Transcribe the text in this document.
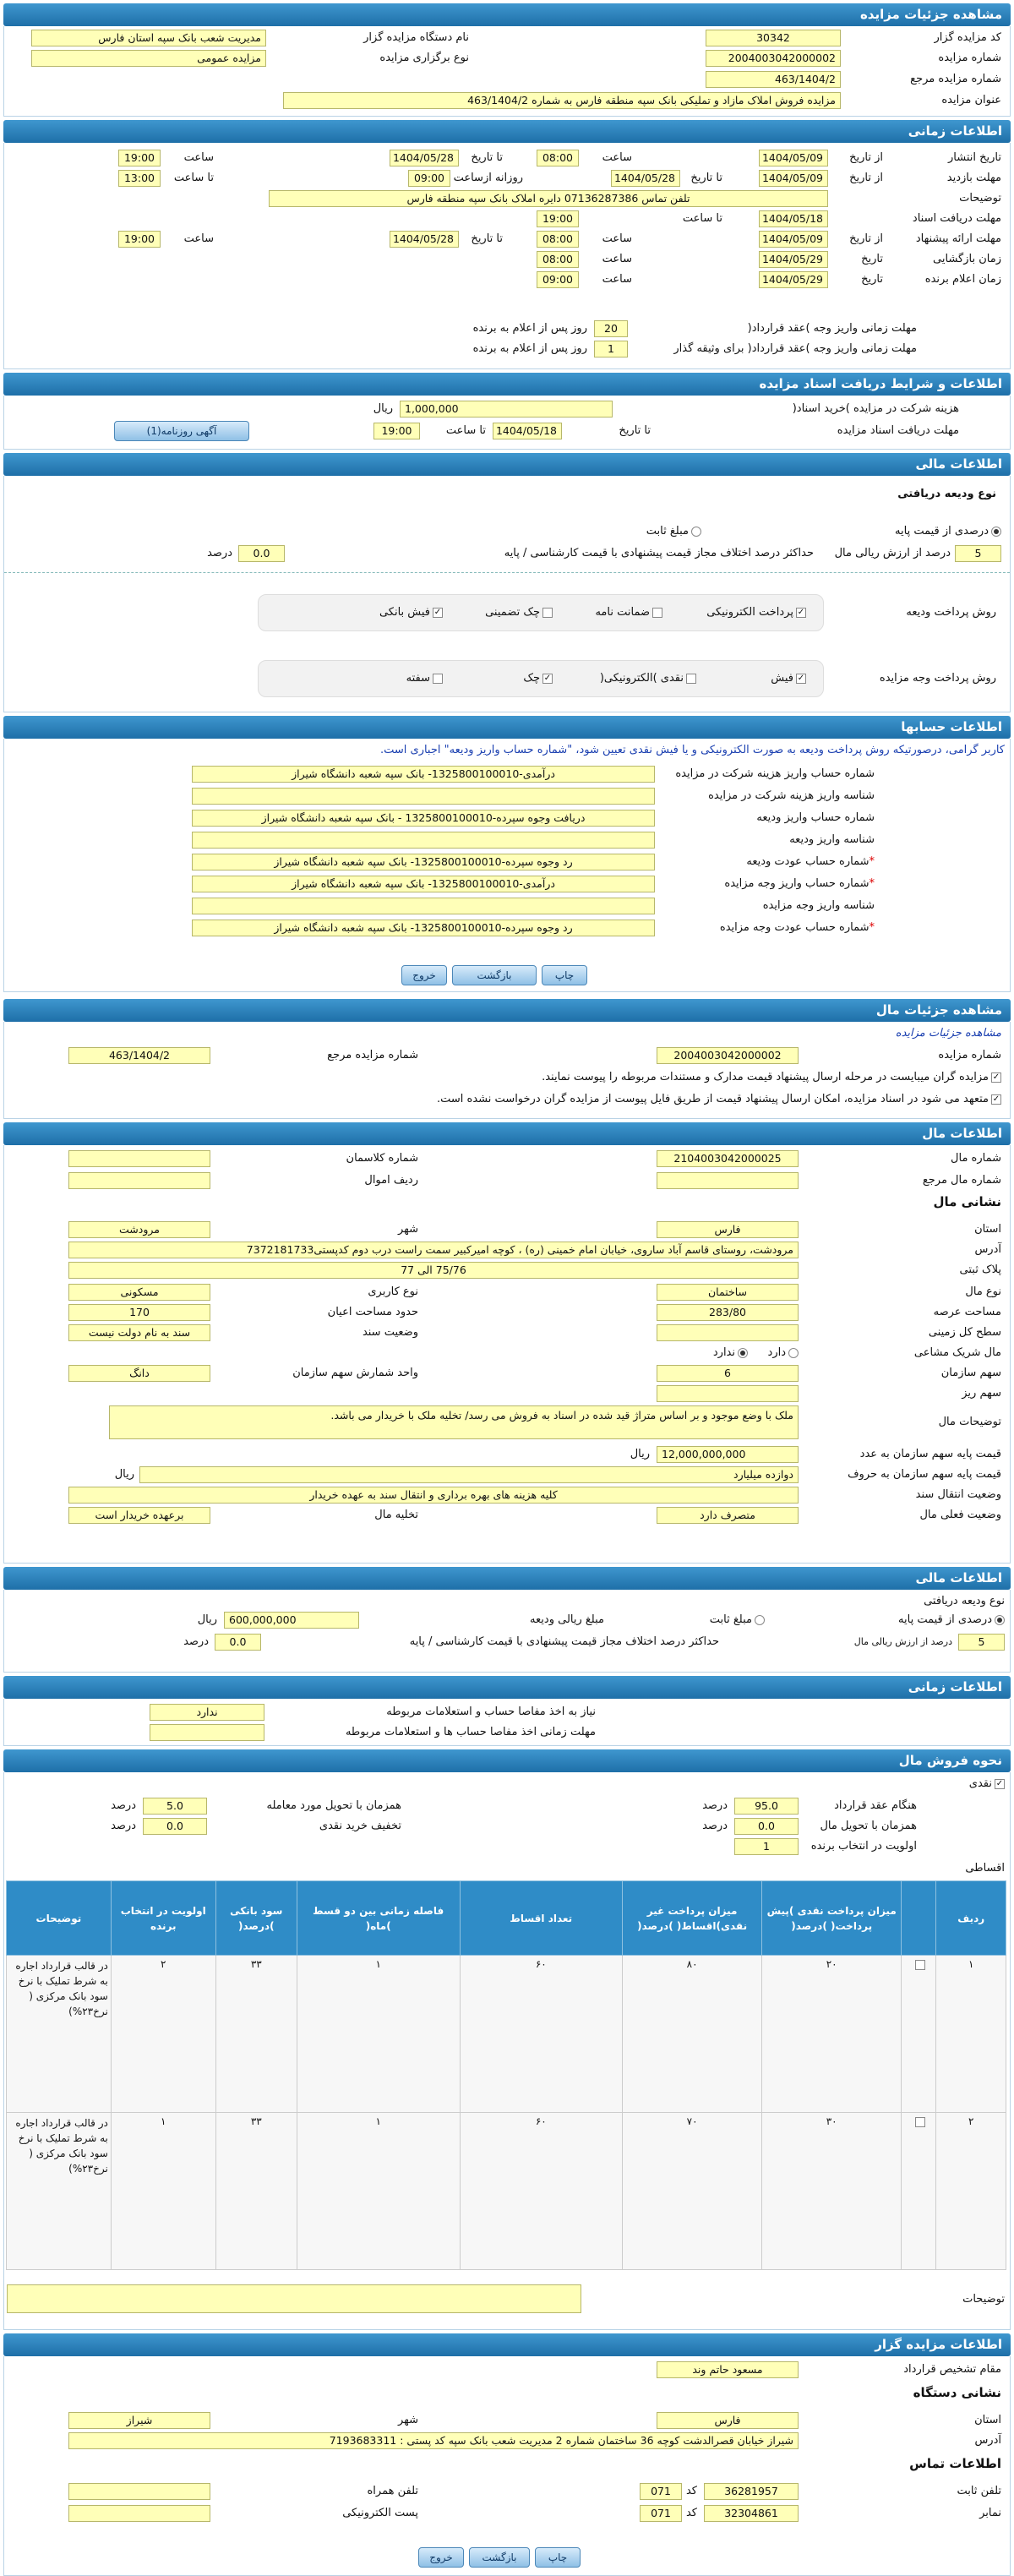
مشاهده جزئیات مزایده
کد مزایده گزار
30342
نام دستگاه مزایده گزار
مدیریت شعب بانک سپه استان فارس
شماره مزایده
2004003042000002
نوع برگزاری مزایده
مزایده عمومی
شماره مزایده مرجع
463/1404/2
عنوان مزایده
مزایده فروش املاک مازاد و تملیکی بانک سپه منطقه فارس به شماره 463/1404/2
اطلاعات زمانی
تاریخ انتشار
از تاریخ
1404/05/09
ساعت
08:00
تا تاریخ
1404/05/28
ساعت
19:00
مهلت بازدید
از تاریخ
1404/05/09
تا تاریخ
1404/05/28
روزانه ازساعت
09:00
تا ساعت
13:00
توضیحات
تلفن تماس 07136287386 دایره املاک بانک سپه منطقه فارس
مهلت دریافت اسناد
1404/05/18
تا ساعت
19:00
مهلت ارائه پیشنهاد
از تاریخ
1404/05/09
ساعت
08:00
تا تاریخ
1404/05/28
ساعت
19:00
زمان بازگشایی
تاریخ
1404/05/29
ساعت
08:00
زمان اعلام برنده
تاریخ
1404/05/29
ساعت
09:00
مهلت زمانی واریز وجه )عقد قرارداد(
20
روز پس از اعلام به برنده
مهلت زمانی واریز وجه )عقد قرارداد( برای وثیقه گذار
1
روز پس از اعلام به برنده
اطلاعات و شرایط دریافت اسناد مزایده
هزینه شرکت در مزایده )خرید اسناد(
1,000,000
ریال
مهلت دریافت اسناد مزایده
تا تاریخ
1404/05/18
تا ساعت
19:00
آگهی روزنامه(1)
اطلاعات مالی
نوع ودیعه دریافتی
درصدی از قیمت پایه
مبلغ ثابت
5
درصد از ارزش ریالی مال
حداکثر درصد اختلاف مجاز قیمت پیشنهادی با قیمت کارشناسی / پایه
0.0
درصد
روش پرداخت ودیعه
✓پرداخت الکترونیکی
ضمانت نامه
چک تضمینی
✓فیش بانکی
روش پرداخت وجه مزایده
✓فیش
نقدی )الکترونیکی(
✓چک
سفته
اطلاعات حسابها
کاربر گرامی، درصورتیکه روش پرداخت ودیعه به صورت الکترونیکی و یا فیش نقدی تعیین شود، "شماره حساب واریز ودیعه" اجباری است.
شماره حساب واریز هزینه شرکت در مزایده
درآمدی-1325800100010- بانک سپه شعبه دانشگاه شیراز
شناسه واریز هزینه شرکت در مزایده
شماره حساب واریز ودیعه
دریافت وجوه سپرده-1325800100010 - بانک سپه شعبه دانشگاه شیراز
شناسه واریز ودیعه
*شماره حساب عودت ودیعه
رد وجوه سپرده-1325800100010- بانک سپه شعبه دانشگاه شیراز
*شماره حساب واریز وجه مزایده
درآمدی-1325800100010- بانک سپه شعبه دانشگاه شیراز
شناسه واریز وجه مزایده
*شماره حساب عودت وجه مزایده
رد وجوه سپرده-1325800100010- بانک سپه شعبه دانشگاه شیراز
چاپ
بازگشت
خروج
مشاهده جزئیات مال
مشاهده جزئیات مزایده
شماره مزایده
2004003042000002
شماره مزایده مرجع
463/1404/2
✓مزایده گران میبایست در مرحله ارسال پیشنهاد قیمت مدارک و مستندات مربوطه را پیوست نمایند.
✓متعهد می شود در اسناد مزایده، امکان ارسال پیشنهاد قیمت از طریق فایل پیوست از مزایده گران درخواست نشده است.
اطلاعات مال
شماره مال
2104003042000025
شماره کلاسمان
شماره مال مرجع
ردیف اموال
نشانی مال
استان
فارس
شهر
مرودشت
آدرس
مرودشت، روستای قاسم آباد ساروی، خیابان امام خمینی (ره) ، کوچه امیرکبیر سمت راست درب دوم کدپستی7372181733
پلاک ثبتی
75/76 الی 77
نوع مال
ساختمان
نوع کاربری
مسکونی
مساحت عرصه
283/80
حدود مساحت اعیان
170
سطح کل زمینی
وضعیت سند
سند به نام دولت نیست
مال شریک مشاعی
دارد
ندارد
سهم سازمان
6
واحد شمارش سهم سازمان
دانگ
سهم ریز
توضیحات مال
ملک با وضع موجود و بر اساس متراژ قید شده در اسناد به فروش می رسد/ تخلیه ملک با خریدار می باشد.
قیمت پایه سهم سازمان به عدد
12,000,000,000
ریال
قیمت پایه سهم سازمان به حروف
دوازده میلیارد
ریال
وضعیت انتقال سند
کلیه هزینه های بهره برداری و انتقال سند به عهده خریدار
وضعیت فعلی مال
متصرف دارد
تخلیه مال
برعهده خریدار است
اطلاعات مالی
نوع ودیعه دریافتی
درصدی از قیمت پایه
مبلغ ثابت
مبلغ ریالی ودیعه
600,000,000
ریال
5
درصد از ارزش ریالی مال
حداکثر درصد اختلاف مجاز قیمت پیشنهادی با قیمت کارشناسی / پایه
0.0
درصد
اطلاعات زمانی
نیاز به اخذ مفاصا حساب و استعلامات مربوطه
ندارد
مهلت زمانی اخذ مفاصا حساب ها و استعلامات مربوطه
نحوه فروش مال
✓نقدی
هنگام عقد قرارداد
95.0
درصد
همزمان با تحویل مورد معامله
5.0
درصد
همزمان با تحویل مال
0.0
درصد
تخفیف خرید نقدی
0.0
درصد
اولویت در انتخاب برنده
1
اقساطی
ردیف		میزان پرداخت نقدی )پیش پرداخت( )درصد(	میزان پرداخت غیر نقدی)اقساط( )درصد(	تعداد اقساط	فاصله زمانی بین دو قسط )ماه(	سود بانکی )درصد(	اولویت در انتخاب برنده	توضیحات
۱		۲۰	۸۰	۶۰	۱	۳۳	۲	در قالب قرارداد اجاره به شرط تملیک با نرخ سود بانک مرکزی ( نرخ۲۳%)
۲		۳۰	۷۰	۶۰	۱	۳۳	۱	در قالب قرارداد اجاره به شرط تملیک با نرخ سود بانک مرکزی ( نرخ۲۳%)
توضیحات
اطلاعات مزایده گزار
مقام تشخیص قرارداد
مسعود حاتم وند
نشانی دستگاه
استان
فارس
شهر
شیراز
آدرس
شیراز خیابان قصرالدشت کوچه 36 ساختمان شماره 2 مدیریت شعب بانک سپه کد پستی : 7193683311
اطلاعات تماس
تلفن ثابت
36281957
کد
071
تلفن همراه
نمابر
32304861
کد
071
پست الکترونیکی
چاپ
بازگشت
خروج
